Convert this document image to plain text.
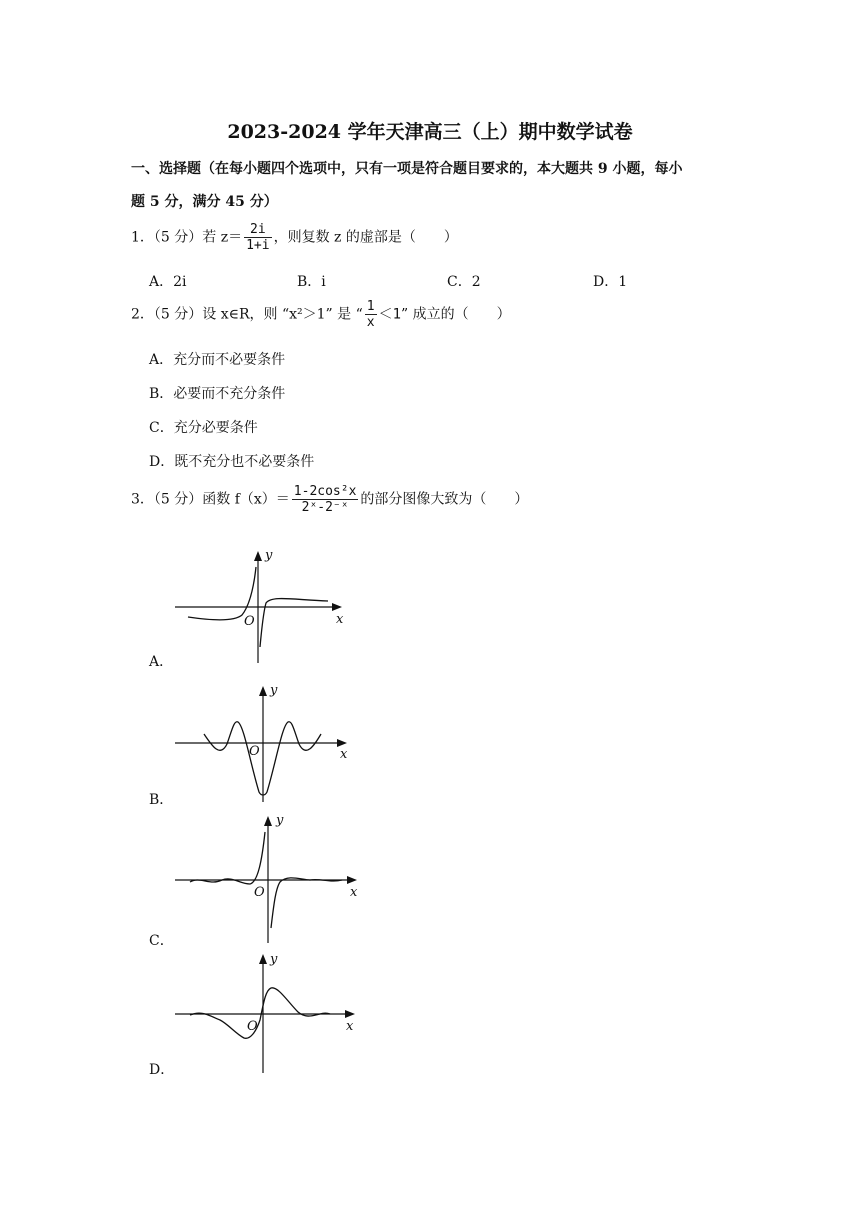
2023-2024 学年天津高三（上）期中数学试卷
一、选择题（在每小题四个选项中，只有一项是符合题目要求的，本大题共 9 小题，每小
题 5 分，满分 45 分）
1．（5 分）若 $z= \frac{2i}{1+i}$ ，则复数 z 的虚部是（　　）
A．2i	B．i	C．2	D．1
2．（5 分）设 x∈R，则 “x²＞1” 是 “ $\frac{1}{x} <1$” 成立的（　　）
A．充分而不必要条件
B．必要而不充分条件
C．充分必要条件
D．既不充分也不必要条件
3．（5 分）函数 $f(x)= \frac{\text{1-2cos²x}}{\text{2ˣ-2⁻ˣ}}$ 的部分图像大致为（　　）
y
x
O
A．
y
x
O
B．
y
x
O
C．
y
x
O
D．
